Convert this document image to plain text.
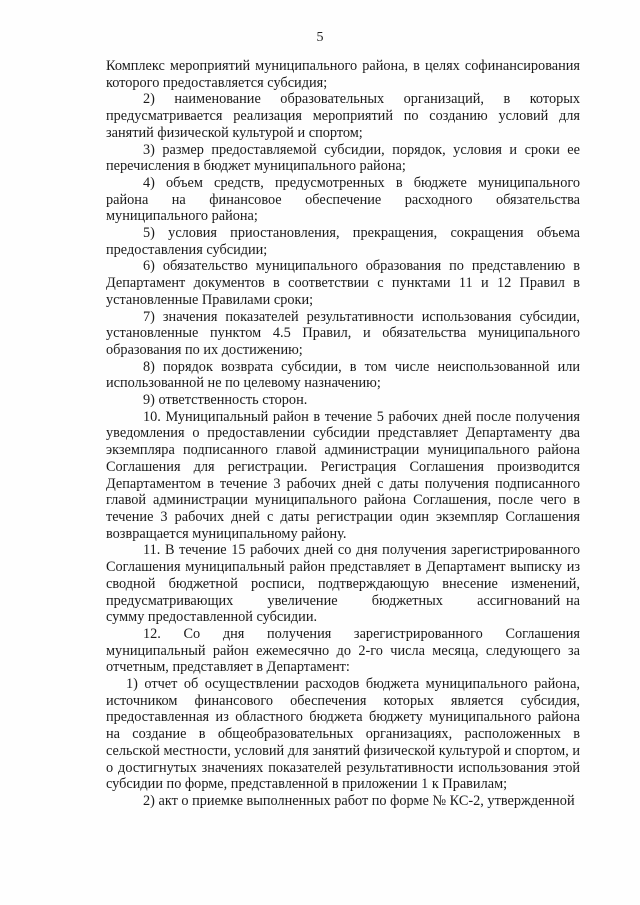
5

Комплекс мероприятий муниципального района, в целях софинансирования которого предоставляется субсидия;

2)    наименование    образовательных    организаций,    в    которых предусматривается реализация мероприятий по созданию условий для занятий физической культурой и спортом;

3) размер предоставляемой субсидии, порядок, условия и сроки ее перечисления в бюджет муниципального района;

4) объем средств, предусмотренных в бюджете муниципального района на финансовое обеспечение расходного обязательства муниципального района;

5) условия приостановления, прекращения, сокращения объема предоставления субсидии;

6) обязательство муниципального образования по представлению в Департамент документов в соответствии с пунктами 11 и 12 Правил в установленные Правилами сроки;

7) значения показателей результативности использования субсидии, установленные пунктом 4.5 Правил, и обязательства муниципального образования по их достижению;

8) порядок возврата субсидии, в том числе неиспользованной или использованной не по целевому назначению;

9) ответственность сторон.

10. Муниципальный район в течение 5 рабочих дней после получения уведомления о предоставлении субсидии представляет Департаменту два экземпляра подписанного главой администрации муниципального района Соглашения для регистрации. Регистрация Соглашения производится Департаментом в течение 3 рабочих дней с даты получения подписанного главой администрации муниципального района Соглашения, после чего в течение 3 рабочих дней с даты регистрации один экземпляр Соглашения возвращается муниципальному району.

11. В течение 15 рабочих дней со дня получения зарегистрированного Соглашения муниципальный район представляет в Департамент выписку из сводной бюджетной росписи, подтверждающую внесение изменений, предусматривающих      увеличение      бюджетных      ассигнований на сумму предоставленной субсидии.

12.     Со     дня     получения     зарегистрированного     Соглашения муниципальный район ежемесячно до 2-го числа месяца, следующего за отчетным, представляет в Департамент:

1) отчет об осуществлении расходов бюджета муниципального района, источником финансового обеспечения которых является субсидия, предоставленная из областного бюджета бюджету муниципального района на создание в общеобразовательных организациях, расположенных в сельской местности, условий для занятий физической культурой и спортом, и о достигнутых значениях показателей результативности использования этой субсидии по форме, представленной в приложении 1 к Правилам;

2) акт о приемке выполненных работ по форме № КС-2, утвержденной
